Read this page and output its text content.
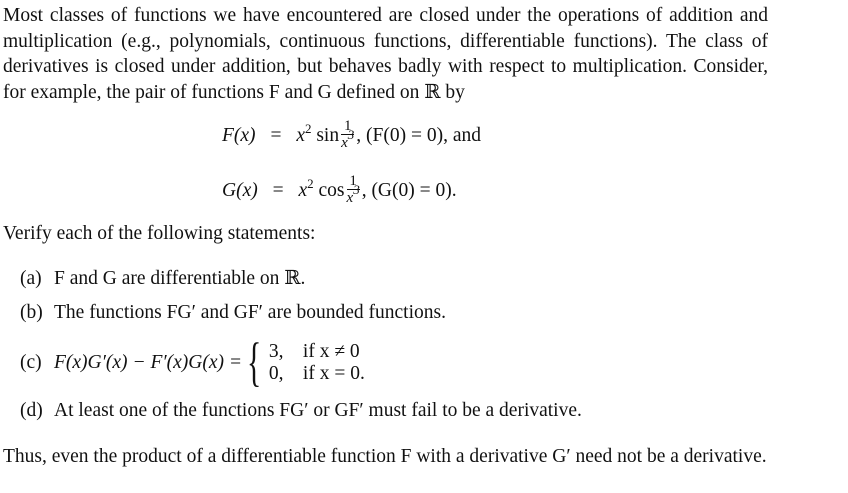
Most classes of functions we have encountered are closed under the operations of addition and multiplication (e.g., polynomials, continuous functions, differentiable functions). The class of derivatives is closed under addition, but behaves badly with respect to multiplication. Consider, for example, the pair of functions F and G defined on ℝ by

$F(x) = x^2$ $\sin \frac{1}{x^3}$ , (F(0) = 0), and
$G(x) = x^2$ $\cos \frac{1}{x^3}$ , (G(0) = 0).

Verify each of the following statements:

(a) F and G are differentiable on ℝ.
(b) The functions FG′ and GF′ are bounded functions.
(c) F(x)G′(x) − F′(x)G(x) = { 3, if x ≠ 0
0, if x = 0.
(d) At least one of the functions FG′ or GF′ must fail to be a derivative.

Thus, even the product of a differentiable function F with a derivative G′ need not be a derivative.
